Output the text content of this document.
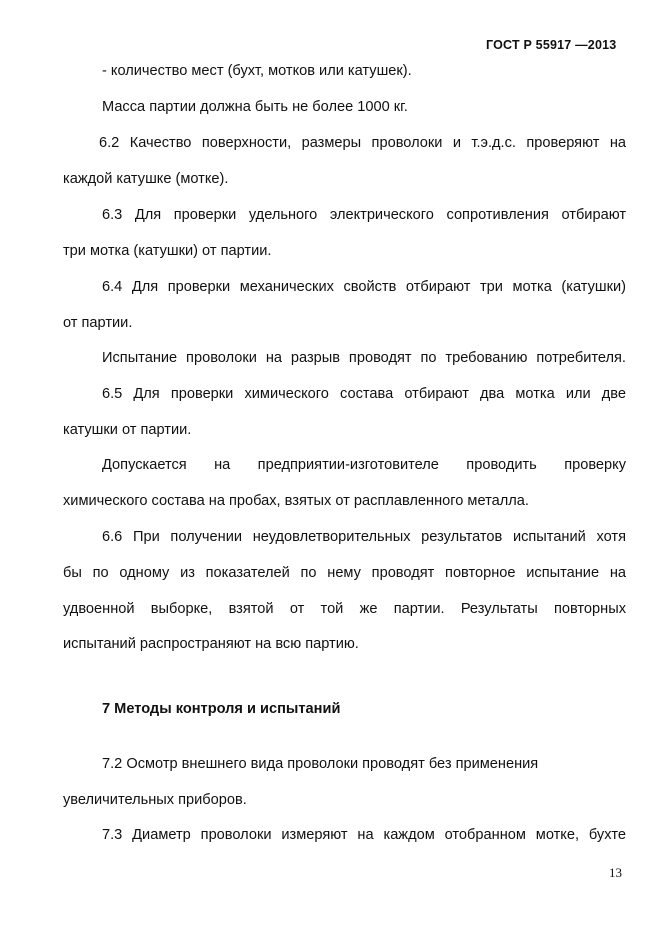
ГОСТ Р 55917 —2013
- количество мест (бухт, мотков или катушек).
Масса партии должна быть не более 1000 кг.
6.2 Качество поверхности, размеры проволоки и т.э.д.с. проверяют на
каждой катушке (мотке).
6.3 Для проверки удельного электрического сопротивления отбирают
три мотка (катушки) от партии.
6.4 Для проверки механических свойств отбирают три мотка (катушки)
от партии.
Испытание проволоки на разрыв проводят по требованию потребителя.
6.5 Для проверки химического состава отбирают два мотка или две
катушки от партии.
Допускается на предприятии-изготовителе проводить проверку
химического состава на пробах, взятых от расплавленного металла.
6.6 При получении неудовлетворительных результатов испытаний хотя
бы по одному из показателей по нему проводят повторное испытание на
удвоенной выборке, взятой от той же партии. Результаты повторных
испытаний распространяют на всю партию.
7 Методы контроля и испытаний
7.2 Осмотр внешнего вида проволоки проводят без применения
увеличительных приборов.
7.3 Диаметр проволоки измеряют на каждом отобранном мотке, бухте
13
